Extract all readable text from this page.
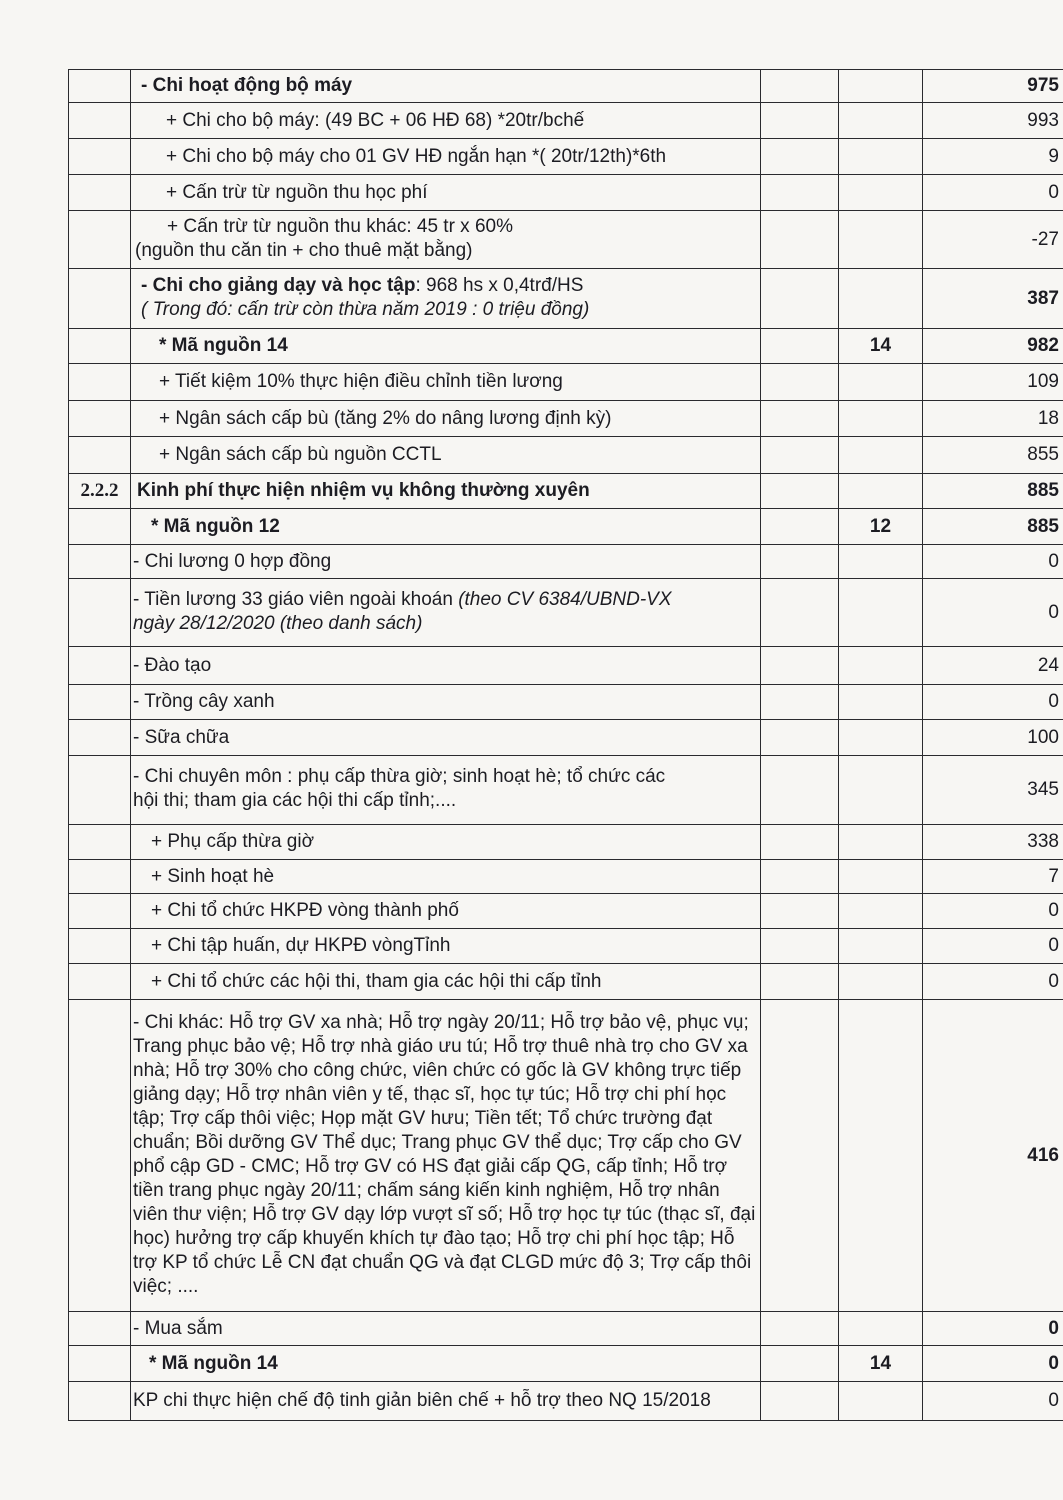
	- Chi hoạt động bộ máy			975
	+ Chi cho bộ máy: (49 BC + 06 HĐ 68) *20tr/bchế			993
	+ Chi cho bộ máy cho 01 GV HĐ ngắn hạn *( 20tr/12th)*6th			9
	+ Cấn trừ từ nguồn thu học phí			0

	+ Cấn trừ từ nguồn thu khác: 45 tr x 60%
(nguồn thu căn tin + cho thuê mặt bằng)			-27

	- Chi cho giảng dạy và học tập: 968 hs x 0,4trđ/HS
( Trong đó: cấn trừ còn thừa năm 2019 : 0 triệu đồng)			387
	* Mã nguồn 14		14	982
	+ Tiết kiệm 10% thực hiện điều chỉnh tiền lương			109
	+ Ngân sách cấp bù (tăng 2% do nâng lương định kỳ)			18
	+ Ngân sách cấp bù nguồn CCTL			855
2.2.2	Kinh phí thực hiện nhiệm vụ không thường xuyên			885
	* Mã nguồn 12		12	885
	- Chi lương 0 hợp đồng			0

	- Tiền lương 33 giáo viên ngoài khoán (theo CV 6384/UBND-VX
ngày 28/12/2020 (theo danh sách)			0
	- Đào tạo			24
	- Trồng cây xanh			0
	- Sữa chữa			100

	- Chi chuyên môn : phụ cấp thừa giờ; sinh hoạt hè; tổ chức các
hội thi; tham gia các hội thi cấp tỉnh;....			345
	+ Phụ cấp thừa giờ			338
	+ Sinh hoạt hè			7
	+ Chi tổ chức HKPĐ vòng thành phố			0
	+ Chi tập huấn, dự HKPĐ vòngTỉnh			0
	+ Chi tổ chức các hội thi, tham gia các hội thi cấp tỉnh			0
	- Chi khác: Hỗ trợ GV xa nhà; Hỗ trợ ngày 20/11; Hỗ trợ bảo vệ, phục vụ; Trang phục bảo vệ; Hỗ trợ nhà giáo ưu tú; Hỗ trợ thuê nhà trọ cho GV xa nhà; Hỗ trợ 30% cho công chức, viên chức có gốc là GV không trực tiếp giảng dạy; Hỗ trợ nhân viên y tế, thạc sĩ, học tự túc; Hỗ trợ chi phí học tập; Trợ cấp thôi việc; Họp mặt GV hưu; Tiền tết; Tổ chức trường đạt chuẩn; Bồi dưỡng GV Thể dục; Trang phục GV thể dục; Trợ cấp cho GV phổ cập GD - CMC; Hỗ trợ GV có HS đạt giải cấp QG, cấp tỉnh; Hỗ trợ tiền trang phục ngày 20/11; chấm sáng kiến kinh nghiệm, Hỗ trợ nhân viên thư viện; Hỗ trợ GV dạy lớp vượt sĩ số; Hỗ trợ học tự túc (thạc sĩ, đại học) hưởng trợ cấp khuyến khích tự đào tạo; Hỗ trợ chi phí học tập; Hỗ trợ KP tổ chức Lễ CN đạt chuẩn QG và đạt CLGD mức độ 3; Trợ cấp thôi việc; ....			416
	- Mua sắm			0
	* Mã nguồn 14		14	0
	KP chi thực hiện chế độ tinh giản biên chế + hỗ trợ theo NQ 15/2018			0
